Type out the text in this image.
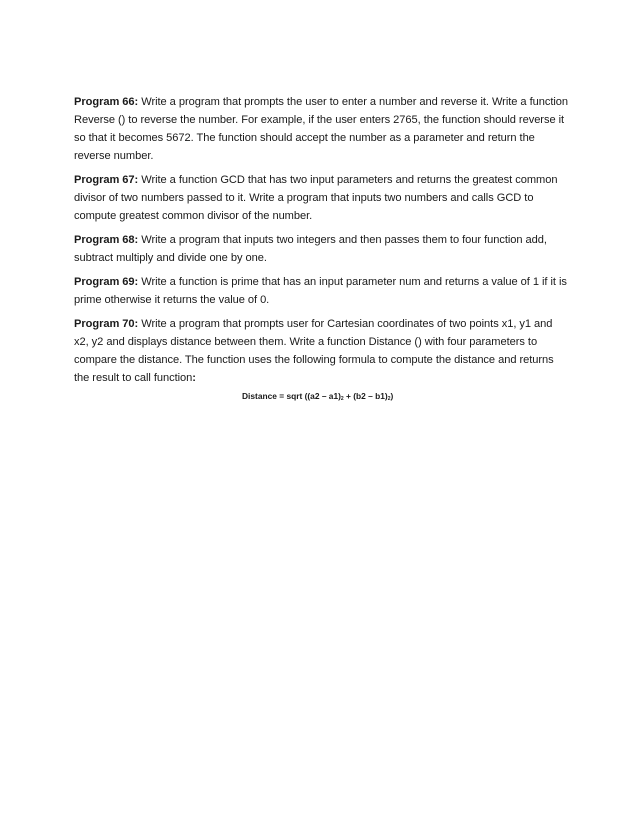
Program 66: Write a program that prompts the user to enter a number and reverse it. Write a function Reverse () to reverse the number. For example, if the user enters 2765, the function should reverse it so that it becomes 5672. The function should accept the number as a parameter and return the reverse number.

Program 67: Write a function GCD that has two input parameters and returns the greatest common divisor of two numbers passed to it. Write a program that inputs two numbers and calls GCD to compute greatest common divisor of the number.

Program 68: Write a program that inputs two integers and then passes them to four function add, subtract multiply and divide one by one.

Program 69: Write a function is prime that has an input parameter num and returns a value of 1 if it is prime otherwise it returns the value of 0.

Program 70: Write a program that prompts user for Cartesian coordinates of two points x1, y1 and x2, y2 and displays distance between them. Write a function Distance () with four parameters to compare the distance. The function uses the following formula to compute the distance and returns the result to call function:

Distance = sqrt $((a2 - a1)_2 + (b2 - b1)_2)$
